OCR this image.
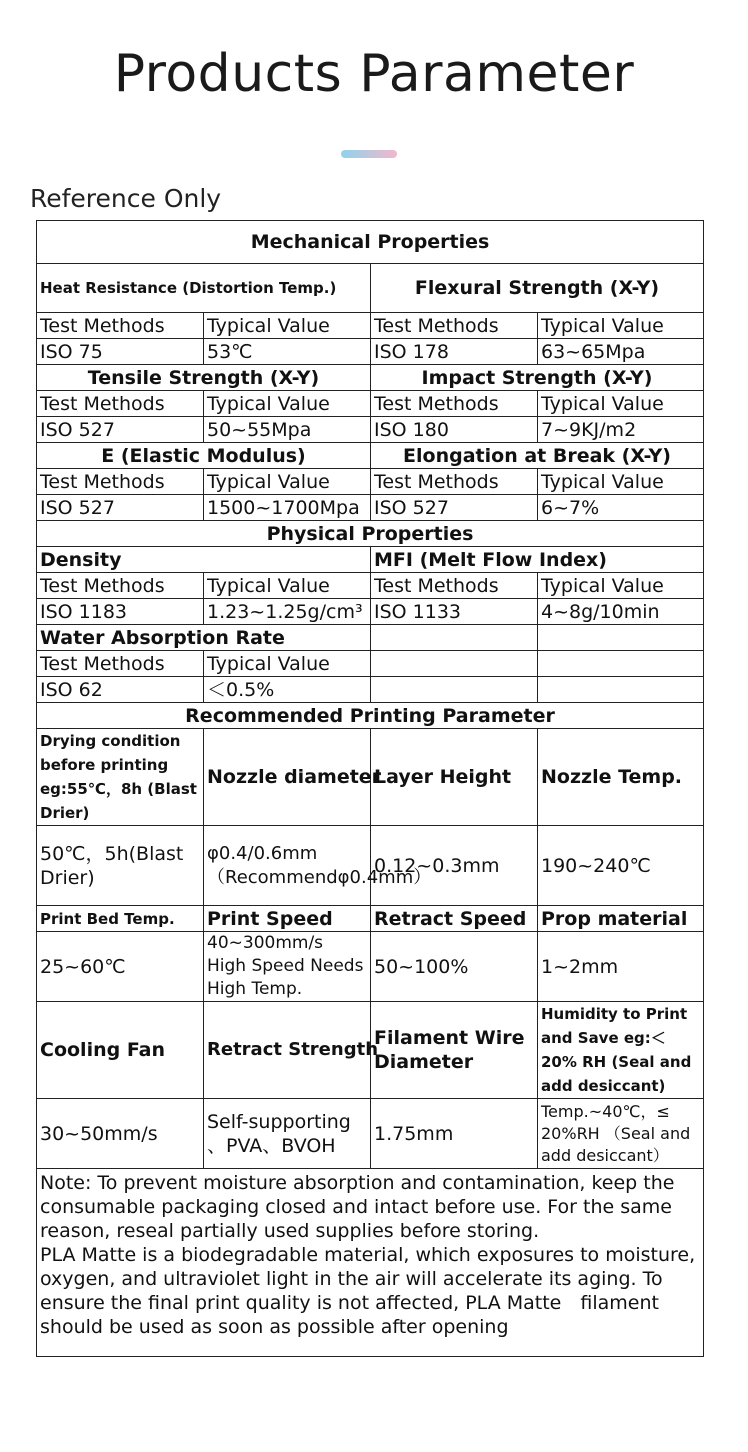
Products Parameter
Reference Only
Mechanical Properties			
Heat Resistance (Distortion Temp.)		Flexural Strength (X-Y)	
Test Methods	Typical Value	Test Methods	Typical Value
ISO 75	53℃	ISO 178	63~65Mpa
Tensile Strength (X-Y)		Impact Strength (X-Y)	
Test Methods	Typical Value	Test Methods	Typical Value
ISO 527	50~55Mpa	ISO 180	7~9KJ/m2
E (Elastic Modulus)		Elongation at Break (X-Y)	
Test Methods	Typical Value	Test Methods	Typical Value
ISO 527	1500~1700Mpa	ISO 527	6~7%
Physical Properties			
Density		MFI (Melt Flow Index)	
Test Methods	Typical Value	Test Methods	Typical Value
ISO 1183	1.23~1.25g/cm³	ISO 1133	4~8g/10min
Water Absorption Rate			
Test Methods	Typical Value		
ISO 62	＜0.5%		
Recommended Printing Parameter			
Drying condition before printing eg:55℃，8h (Blast Drier)	Nozzle diameter	Layer Height	Nozzle Temp.
50℃，5h(Blast Drier)	φ0.4/0.6mm （Recommendφ0.4mm）	0.12~0.3mm	190~240℃
Print Bed Temp.	Print Speed	Retract Speed	Prop material
25~60℃	40~300mm/s High Speed Needs High Temp.	50~100%	1~2mm
Cooling Fan	Retract Strength	Filament Wire Diameter	Humidity to Print and Save eg:＜20% RH (Seal and add desiccant)
30~50mm/s	Self-supporting 、PVA、BVOH	1.75mm	Temp.~40℃，≤ 20%RH （Seal and add desiccant）

Note: To prevent moisture absorption and contamination, keep the consumable packaging closed and intact before use. For the same reason, reseal partially used supplies before storing.
PLA Matte is a biodegradable material, which exposures to moisture, oxygen, and ultraviolet light in the air will accelerate its aging. To ensure the final print quality is not affected, PLA Matte　filament should be used as soon as possible after opening			
